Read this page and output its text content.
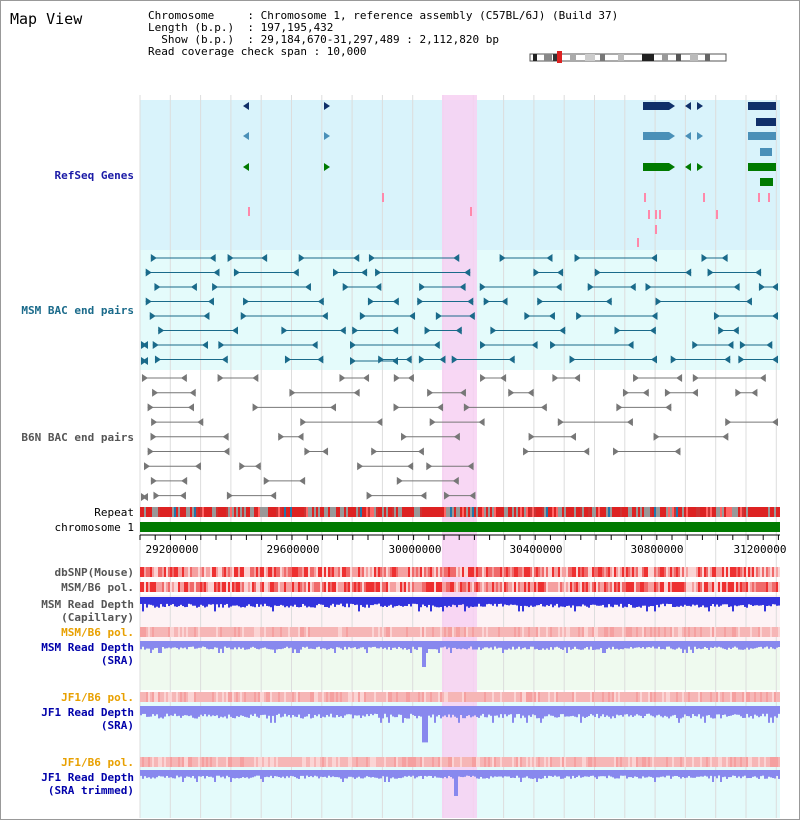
Map View	Chromosome     : Chromosome 1, reference assembly (C57BL/6J) (Build 37)
Length (b.p.)  : 197,195,432
Show (b.p.)  : 29,184,670-31,297,489 : 2,112,820 bp
Read coverage check span : 10,000
RefSeq Genes
MSM BAC end pairs
B6N BAC end pairs
Repeat
chromosome 1
dbSNP(Mouse)
MSM/B6 pol.
MSM Read Depth
(Capillary)
MSM/B6 pol.
MSM Read Depth
(SRA)
JF1/B6 pol.
JF1 Read Depth
(SRA)
JF1/B6 pol.
JF1 Read Depth
(SRA trimmed)
29200000	29600000	30000000	30400000	30800000	31200000
